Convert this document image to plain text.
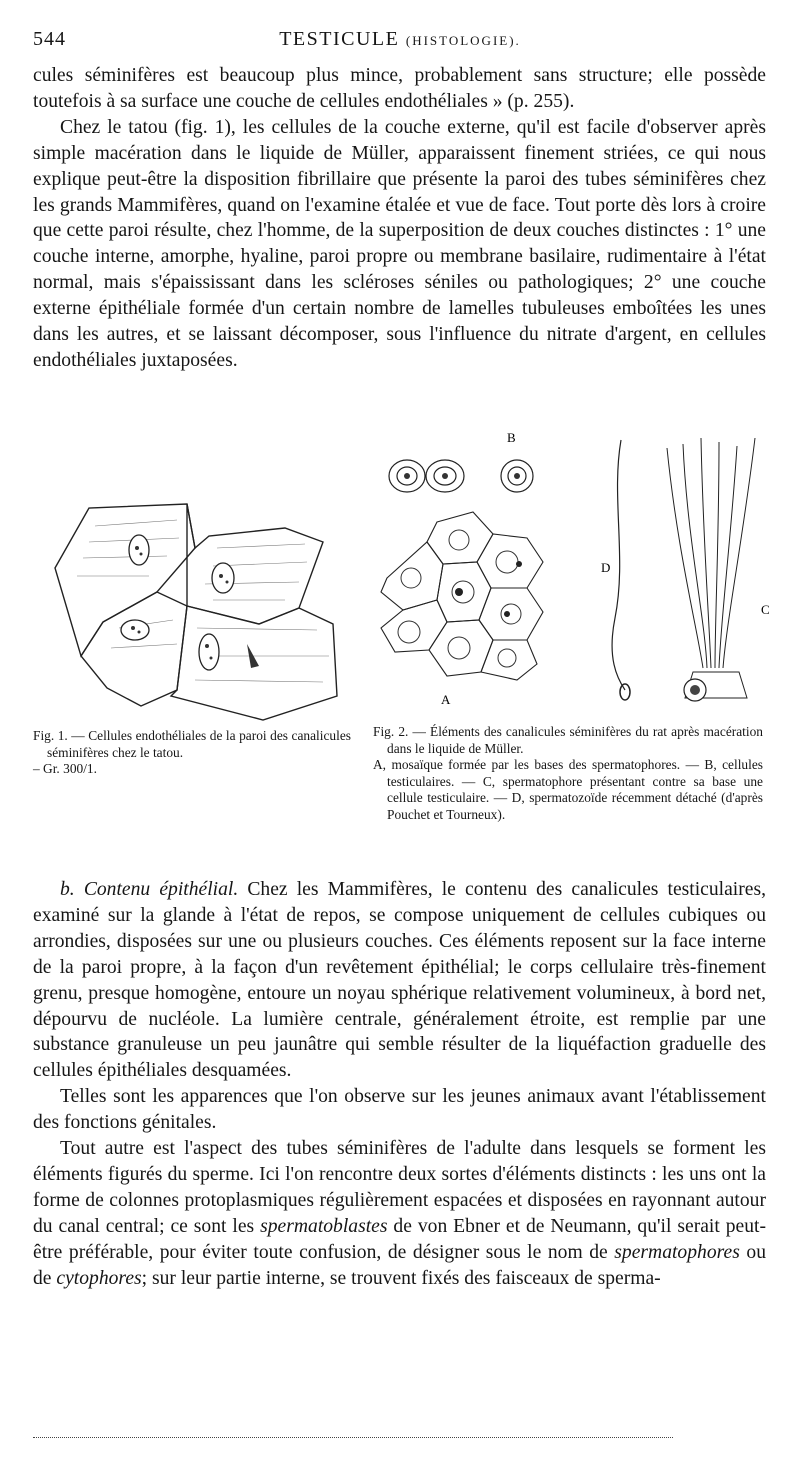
544	TESTICULE (HISTOLOGIE).

cules séminifères est beaucoup plus mince, probablement sans structure; elle possède toutefois à sa surface une couche de cellules endothéliales » (p. 255).

Chez le tatou (fig. 1), les cellules de la couche externe, qu'il est facile d'observer après simple macération dans le liquide de Müller, apparaissent finement striées, ce qui nous explique peut-être la disposition fibrillaire que présente la paroi des tubes séminifères chez les grands Mammifères, quand on l'examine étalée et vue de face. Tout porte dès lors à croire que cette paroi résulte, chez l'homme, de la superposition de deux couches distinctes : 1° une couche interne, amorphe, hyaline, paroi propre ou membrane basilaire, rudimentaire à l'état normal, mais s'épaississant dans les scléroses séniles ou pathologiques; 2° une couche externe épithéliale formée d'un certain nombre de lamelles tubuleuses emboîtées les unes dans les autres, et se laissant décomposer, sous l'influence du nitrate d'argent, en cellules endothéliales juxtaposées.

Fig. 1. — Cellules endothéliales de la paroi des canalicules séminifères chez le tatou.

– Gr. 300/1.

B
A
D
C

Fig. 2. — Éléments des canalicules séminifères du rat après macération dans le liquide de Müller.

A, mosaïque formée par les bases des spermatophores. — B, cellules testiculaires. — C, spermatophore présentant contre sa base une cellule testiculaire. — D, spermatozoïde récemment détaché (d'après Pouchet et Tourneux).

b. Contenu épithélial. Chez les Mammifères, le contenu des canalicules testiculaires, examiné sur la glande à l'état de repos, se compose uniquement de cellules cubiques ou arrondies, disposées sur une ou plusieurs couches. Ces éléments reposent sur la face interne de la paroi propre, à la façon d'un revêtement épithélial; le corps cellulaire très-finement grenu, presque homogène, entoure un noyau sphérique relativement volumineux, à bord net, dépourvu de nucléole. La lumière centrale, généralement étroite, est remplie par une substance granuleuse un peu jaunâtre qui semble résulter de la liquéfaction graduelle des cellules épithéliales desquamées.

Telles sont les apparences que l'on observe sur les jeunes animaux avant l'établissement des fonctions génitales.

Tout autre est l'aspect des tubes séminifères de l'adulte dans lesquels se forment les éléments figurés du sperme. Ici l'on rencontre deux sortes d'éléments distincts : les uns ont la forme de colonnes protoplasmiques régulièrement espacées et disposées en rayonnant autour du canal central; ce sont les spermatoblastes de von Ebner et de Neumann, qu'il serait peut-être préférable, pour éviter toute confusion, de désigner sous le nom de spermatophores ou de cytophores; sur leur partie interne, se trouvent fixés des faisceaux de sperma-
